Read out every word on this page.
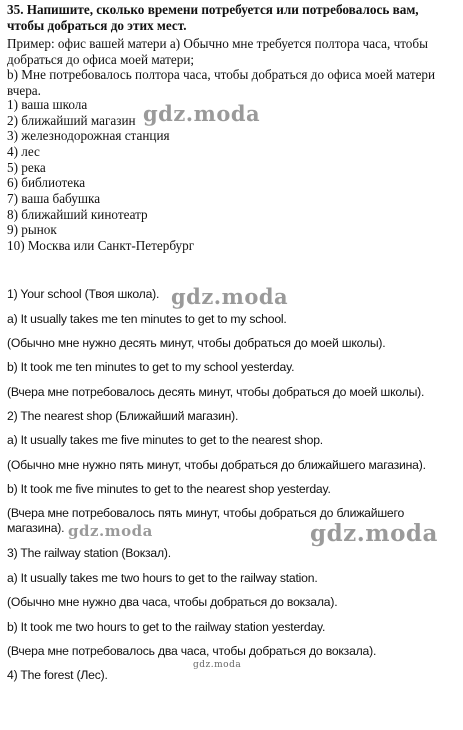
35. Напишите, сколько времени потребуется или потребовалось вам, чтобы добраться до этих мест.
Пример: офис вашей матери а) Обычно мне требуется полтора часа, чтобы добраться до офиса моей матери;
b) Мне потребовалось полтора часа, чтобы добраться до офиса моей матери вчера.
1) ваша школа
2) ближайший магазин
3) железнодорожная станция
4) лес
5) река
6) библиотека
7) ваша бабушка
8) ближайший кинотеатр
9) рынок
10) Москва или Санкт-Петербург
1) Your school (Твоя школа).
a) It usually takes me ten minutes to get to my school.
(Обычно мне нужно десять минут, чтобы добраться до моей школы).
b) It took me ten minutes to get to my school yesterday.
(Вчера мне потребовалось десять минут, чтобы добраться до моей школы).
2) The nearest shop (Ближайший магазин).
a) It usually takes me five minutes to get to the nearest shop.
(Обычно мне нужно пять минут, чтобы добраться до ближайшего магазина).
b) It took me five minutes to get to the nearest shop yesterday.
(Вчера мне потребовалось пять минут, чтобы добраться до ближайшего магазина).
3) The railway station (Вокзал).
a) It usually takes me two hours to get to the railway station.
(Обычно мне нужно два часа, чтобы добраться до вокзала).
b) It took me two hours to get to the railway station yesterday.
(Вчера мне потребовалось два часа, чтобы добраться до вокзала).
4) The forest (Лес).
gdz.moda
gdz.moda
gdz.moda	gdz.moda
gdz.moda
